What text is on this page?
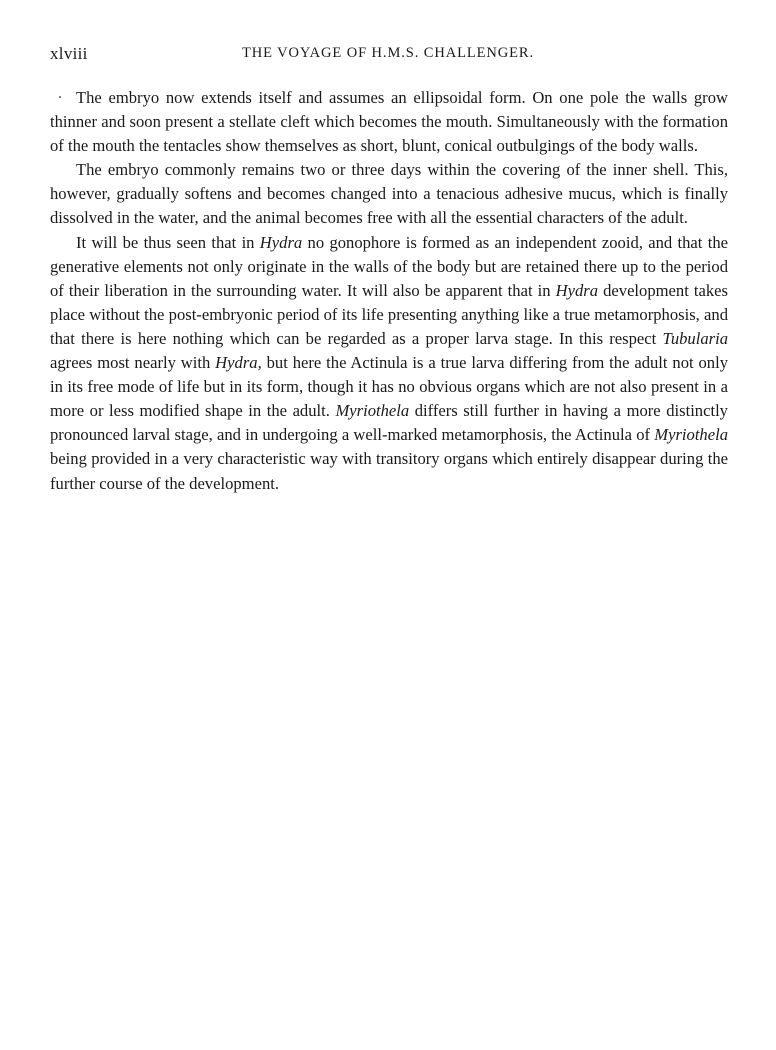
xlviii	THE VOYAGE OF H.M.S. CHALLENGER.

The embryo now extends itself and assumes an ellipsoidal form. On one pole the walls grow thinner and soon present a stellate cleft which becomes the mouth. Simultaneously with the formation of the mouth the tentacles show themselves as short, blunt, conical outbulgings of the body walls.

The embryo commonly remains two or three days within the covering of the inner shell. This, however, gradually softens and becomes changed into a tenacious adhesive mucus, which is finally dissolved in the water, and the animal becomes free with all the essential characters of the adult.

It will be thus seen that in Hydra no gonophore is formed as an independent zooid, and that the generative elements not only originate in the walls of the body but are retained there up to the period of their liberation in the surrounding water. It will also be apparent that in Hydra development takes place without the post-embryonic period of its life presenting anything like a true metamorphosis, and that there is here nothing which can be regarded as a proper larva stage. In this respect Tubularia agrees most nearly with Hydra, but here the Actinula is a true larva differing from the adult not only in its free mode of life but in its form, though it has no obvious organs which are not also present in a more or less modified shape in the adult. Myriothela differs still further in having a more distinctly pronounced larval stage, and in undergoing a well-marked metamorphosis, the Actinula of Myriothela being provided in a very characteristic way with transitory organs which entirely disappear during the further course of the development.
